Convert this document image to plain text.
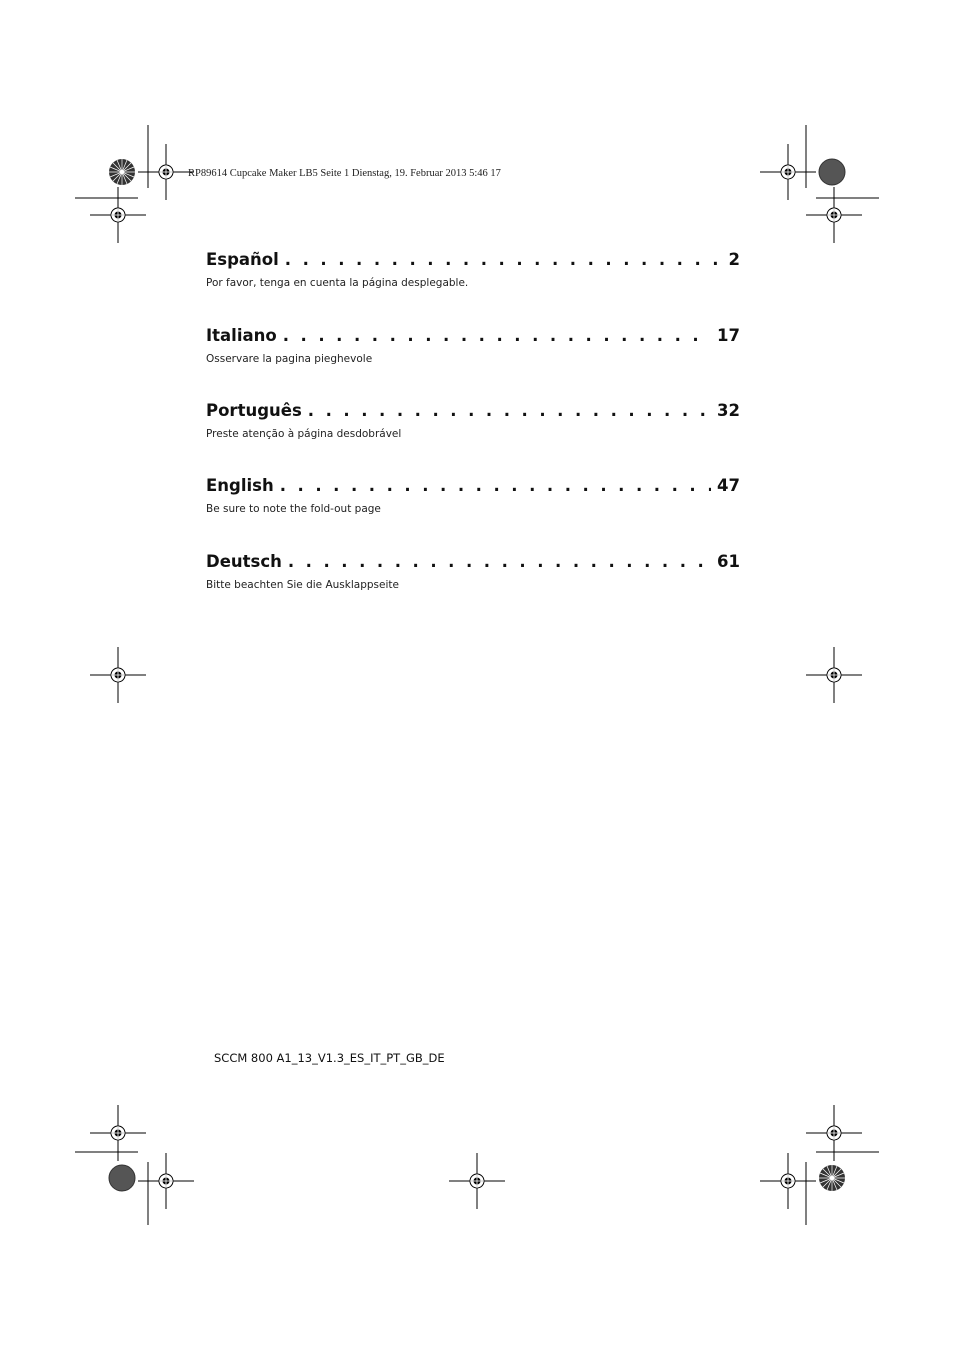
RP89614 Cupcake Maker LB5 Seite 1 Dienstag, 19. Februar 2013 5:46 17
Español . . .	2
Por favor, tenga en cuenta la página desplegable.
Italiano . . .	17
Osservare la pagina pieghevole
Português . . .	32
Preste atenção à página desdobrável
English . . .	47
Be sure to note the fold-out page
Deutsch . . .	61
Bitte beachten Sie die Ausklappseite
SCCM 800 A1_13_V1.3_ES_IT_PT_GB_DE
